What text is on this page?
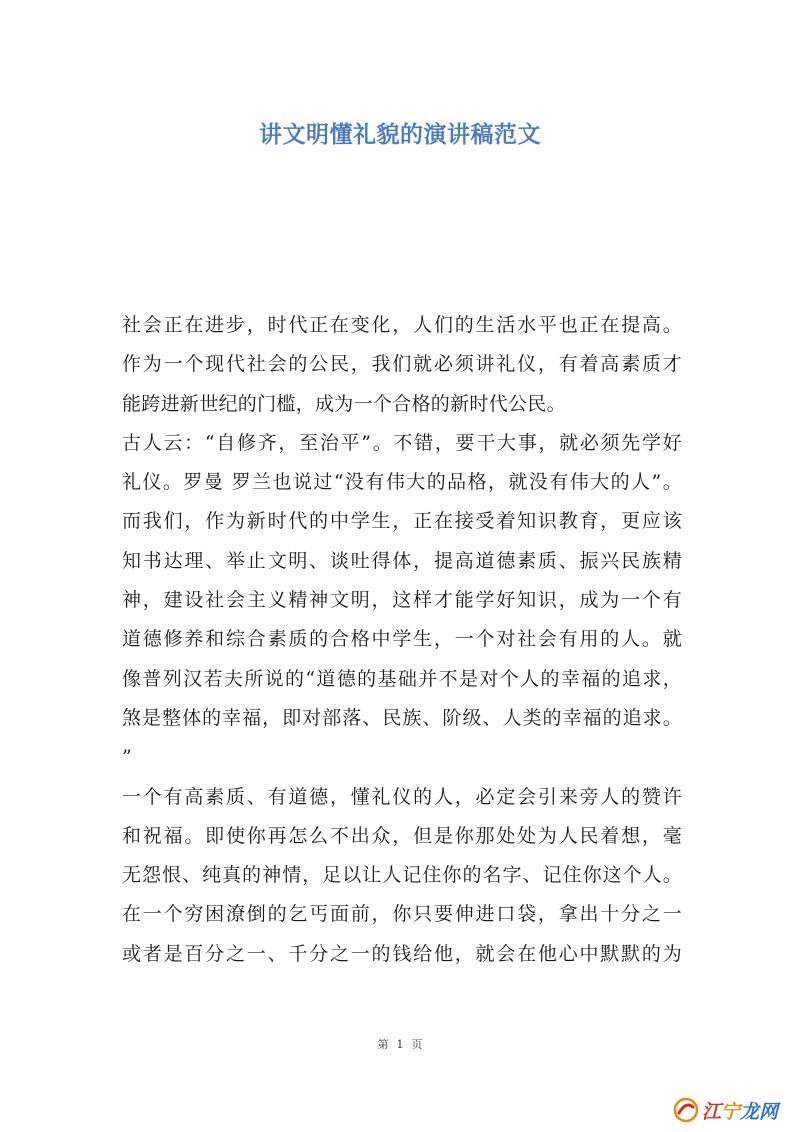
讲文明懂礼貌的演讲稿范文
社会正在进步，时代正在变化，人们的生活水平也正在提高。
作为一个现代社会的公民，我们就必须讲礼仪，有着高素质才
能跨进新世纪的门槛，成为一个合格的新时代公民。
古人云：“自修齐，至治平”。不错，要干大事，就必须先学好
礼仪。罗曼 罗兰也说过“没有伟大的品格，就没有伟大的人”。
而我们，作为新时代的中学生，正在接受着知识教育，更应该
知书达理、举止文明、谈吐得体，提高道德素质、振兴民族精
神，建设社会主义精神文明，这样才能学好知识，成为一个有
道德修养和综合素质的合格中学生，一个对社会有用的人。就
像普列汉若夫所说的“道德的基础并不是对个人的幸福的追求，
煞是整体的幸福，即对部落、民族、阶级、人类的幸福的追求。
”
一个有高素质、有道德，懂礼仪的人，必定会引来旁人的赞许
和祝福。即使你再怎么不出众，但是你那处处为人民着想，毫
无怨恨、纯真的神情，足以让人记住你的名字、记住你这个人。
在一个穷困潦倒的乞丐面前，你只要伸进口袋，拿出十分之一
或者是百分之一、千分之一的钱给他，就会在他心中默默的为
第 1 页
江 宁 龙网
